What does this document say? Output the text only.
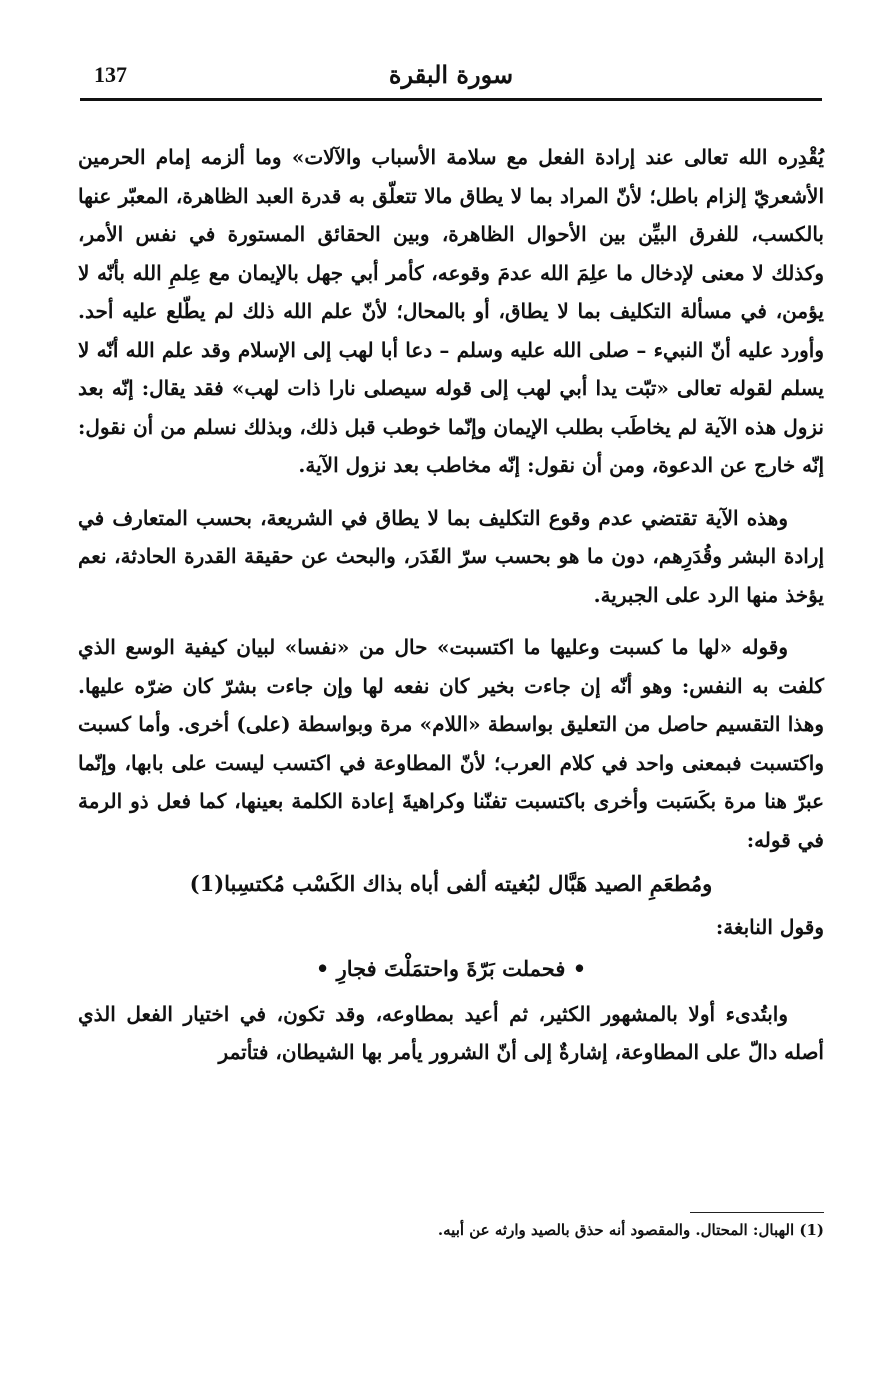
137	سورة البقرة

يُقْدِره الله تعالى عند إرادة الفعل مع سلامة الأسباب والآلات» وما ألزمه إمام الحرمين الأشعريّ إلزام باطل؛ لأنّ المراد بما لا يطاق مالا تتعلّق به قدرة العبد الظاهرة، المعبّر عنها بالكسب، للفرق البيِّن بين الأحوال الظاهرة، وبين الحقائق المستورة في نفس الأمر، وكذلك لا معنى لإدخال ما علِمَ الله عدمَ وقوعه، كأمر أبي جهل بالإيمان مع عِلمِ الله بأنّه لا يؤمن، في مسألة التكليف بما لا يطاق، أو بالمحال؛ لأنّ علم الله ذلك لم يطّلع عليه أحد. وأورد عليه أنّ النبيء – صلى الله عليه وسلم – دعا أبا لهب إلى الإسلام وقد علم الله أنّه لا يسلم لقوله تعالى «تبّت يدا أبي لهب إلى قوله سيصلى نارا ذات لهب» فقد يقال: إنّه بعد نزول هذه الآية لم يخاطَب بطلب الإيمان وإنّما خوطب قبل ذلك، وبذلك نسلم من أن نقول: إنّه خارج عن الدعوة، ومن أن نقول: إنّه مخاطب بعد نزول الآية.

وهذه الآية تقتضي عدم وقوع التكليف بما لا يطاق في الشريعة، بحسب المتعارف في إرادة البشر وقُدَرِهم، دون ما هو بحسب سرّ القَدَر، والبحث عن حقيقة القدرة الحادثة، نعم يؤخذ منها الرد على الجبرية.

وقوله «لها ما كسبت وعليها ما اكتسبت» حال من «نفسا» لبيان كيفية الوسع الذي كلفت به النفس: وهو أنّه إن جاءت بخير كان نفعه لها وإن جاءت بشرّ كان ضرّه عليها. وهذا التقسيم حاصل من التعليق بواسطة «اللام» مرة وبواسطة (على) أخرى. وأما كسبت واكتسبت فبمعنى واحد في كلام العرب؛ لأنّ المطاوعة في اكتسب ليست على بابها، وإنّما عبرّ هنا مرة بكَسَبت وأخرى باكتسبت تفنّنا وكراهيةَ إعادة الكلمة بعينها، كما فعل ذو الرمة في قوله:

ومُطعَمِ الصيد هَبَّال لبُغيته ألفى أباه بذاك الكَسْب مُكتسِبا(1)

وقول النابغة:

• فحملت بَرّةَ واحتمَلْتَ فجارِ •

وابتُدىء أولا بالمشهور الكثير، ثم أعيد بمطاوعه، وقد تكون، في اختيار الفعل الذي أصله دالّ على المطاوعة، إشارةٌ إلى أنّ الشرور يأمر بها الشيطان، فتأتمر

(1) الهبال: المحتال. والمقصود أنه حذق بالصيد وارثه عن أبيه.
